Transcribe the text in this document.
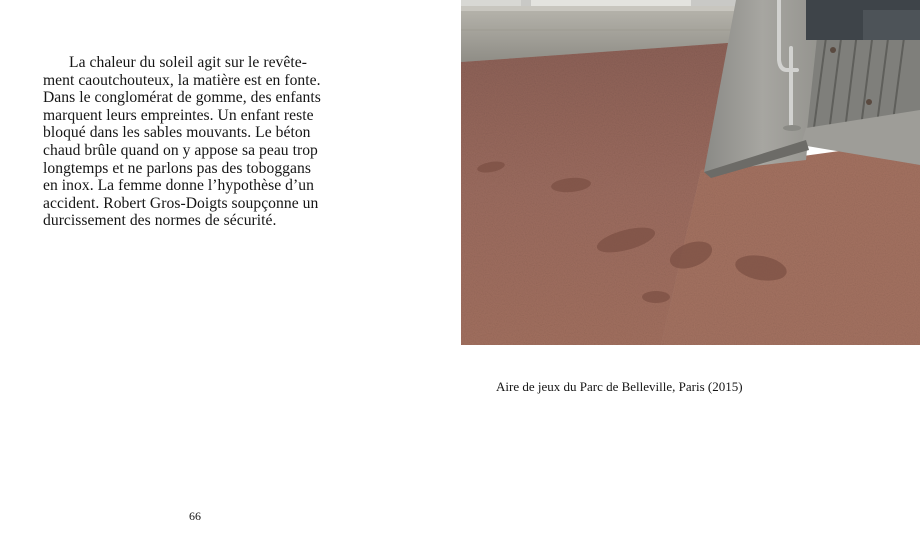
La chaleur du soleil agit sur le revête-
ment caoutchouteux, la matière est en fonte.
Dans le conglomérat de gomme, des enfants
marquent leurs empreintes. Un enfant reste
bloqué dans les sables mouvants. Le béton
chaud brûle quand on y appose sa peau trop
longtemps et ne parlons pas des toboggans
en inox. La femme donne l’hypothèse d’un
accident. Robert Gros-Doigts soupçonne un
durcissement des normes de sécurité.

66
Aire de jeux du Parc de Belleville, Paris (2015)
